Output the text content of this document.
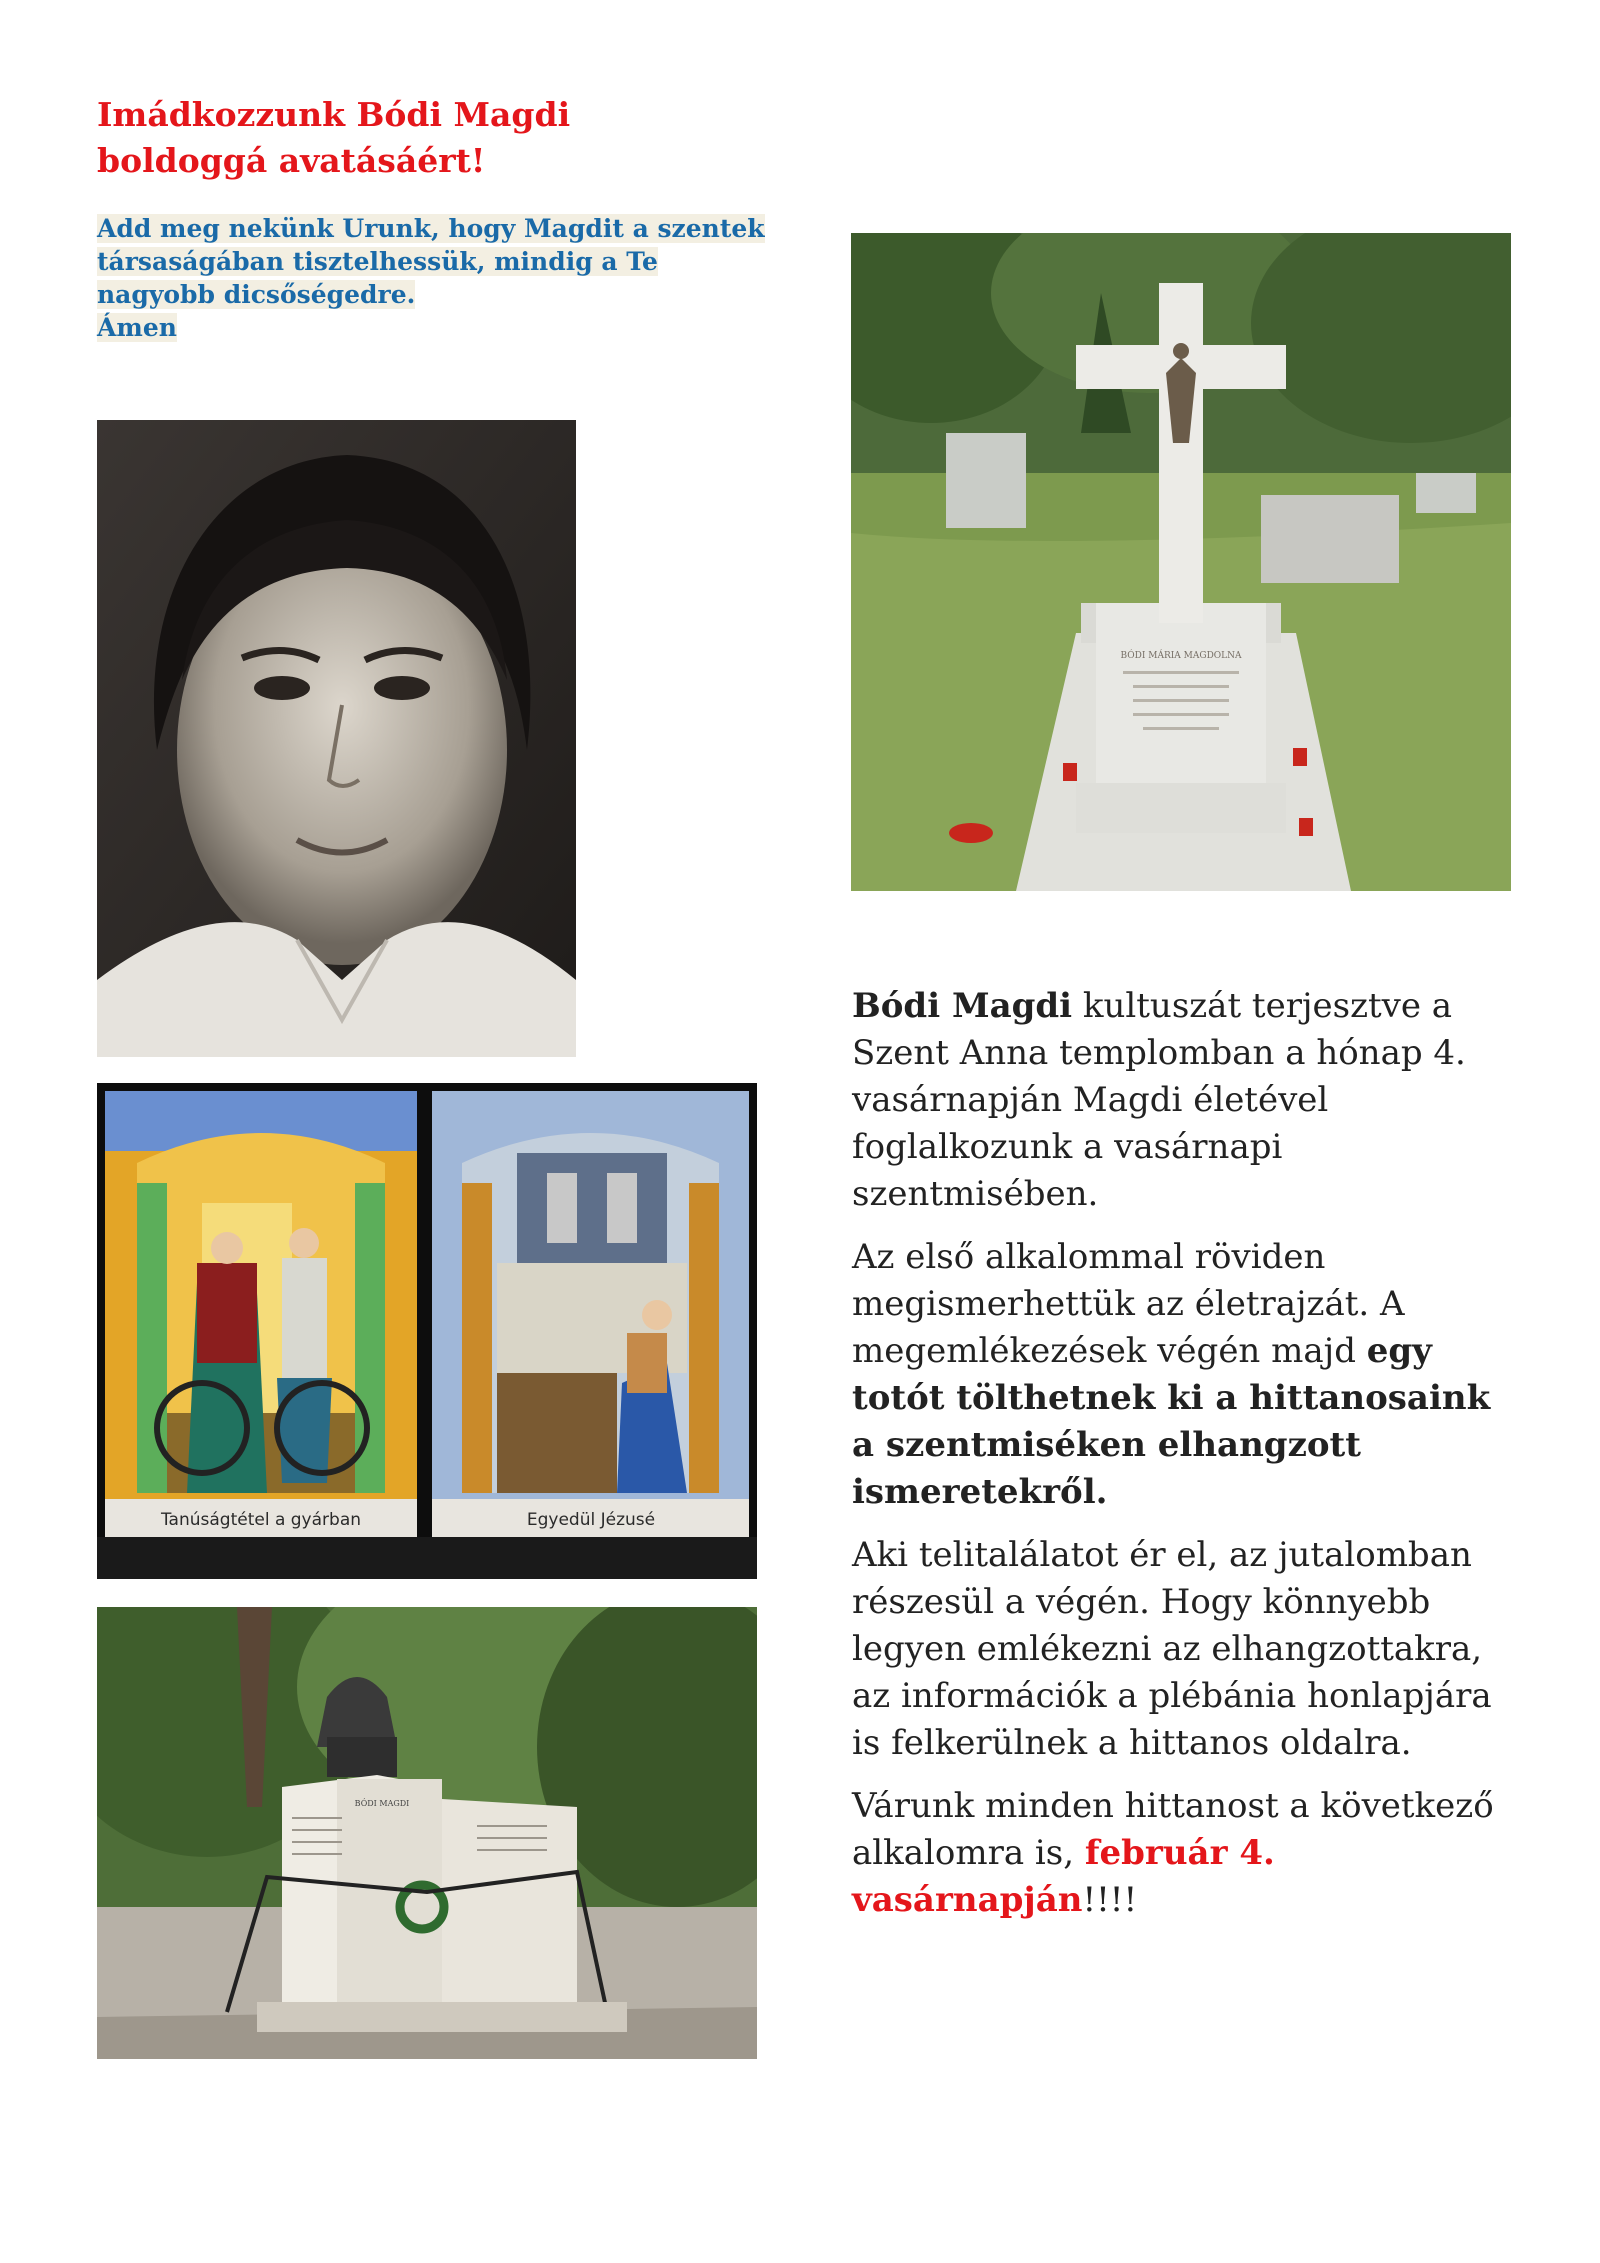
Imádkozzunk Bódi Magdi
boldoggá avatásáért!
Add meg nekünk Urunk, hogy Magdit a szentek
társaságában tisztelhessük, mindig a Te
nagyobb dicsőségedre.
Ámen
BÓDI MÁRIA MAGDOLNA
Tanúságtétel a gyárban	Egyedül Jézusé
BÓDI MAGDI

Bódi Magdi kultuszát terjesztve a Szent Anna templomban a hónap 4. vasárnapján Magdi életével foglalkozunk a vasárnapi szentmisében.

Az első alkalommal röviden megismerhettük az életrajzát. A megemlékezések végén majd egy totót tölthetnek ki a hittanosaink a szentmiséken elhangzott ismeretekről.

Aki telitalálatot ér el, az jutalomban részesül a végén. Hogy könnyebb legyen emlékezni az elhangzottakra, az információk a plébánia honlapjára is felkerülnek a hittanos oldalra.

Várunk minden hittanost a következő alkalomra is, február 4. vasárnapján!!!!
